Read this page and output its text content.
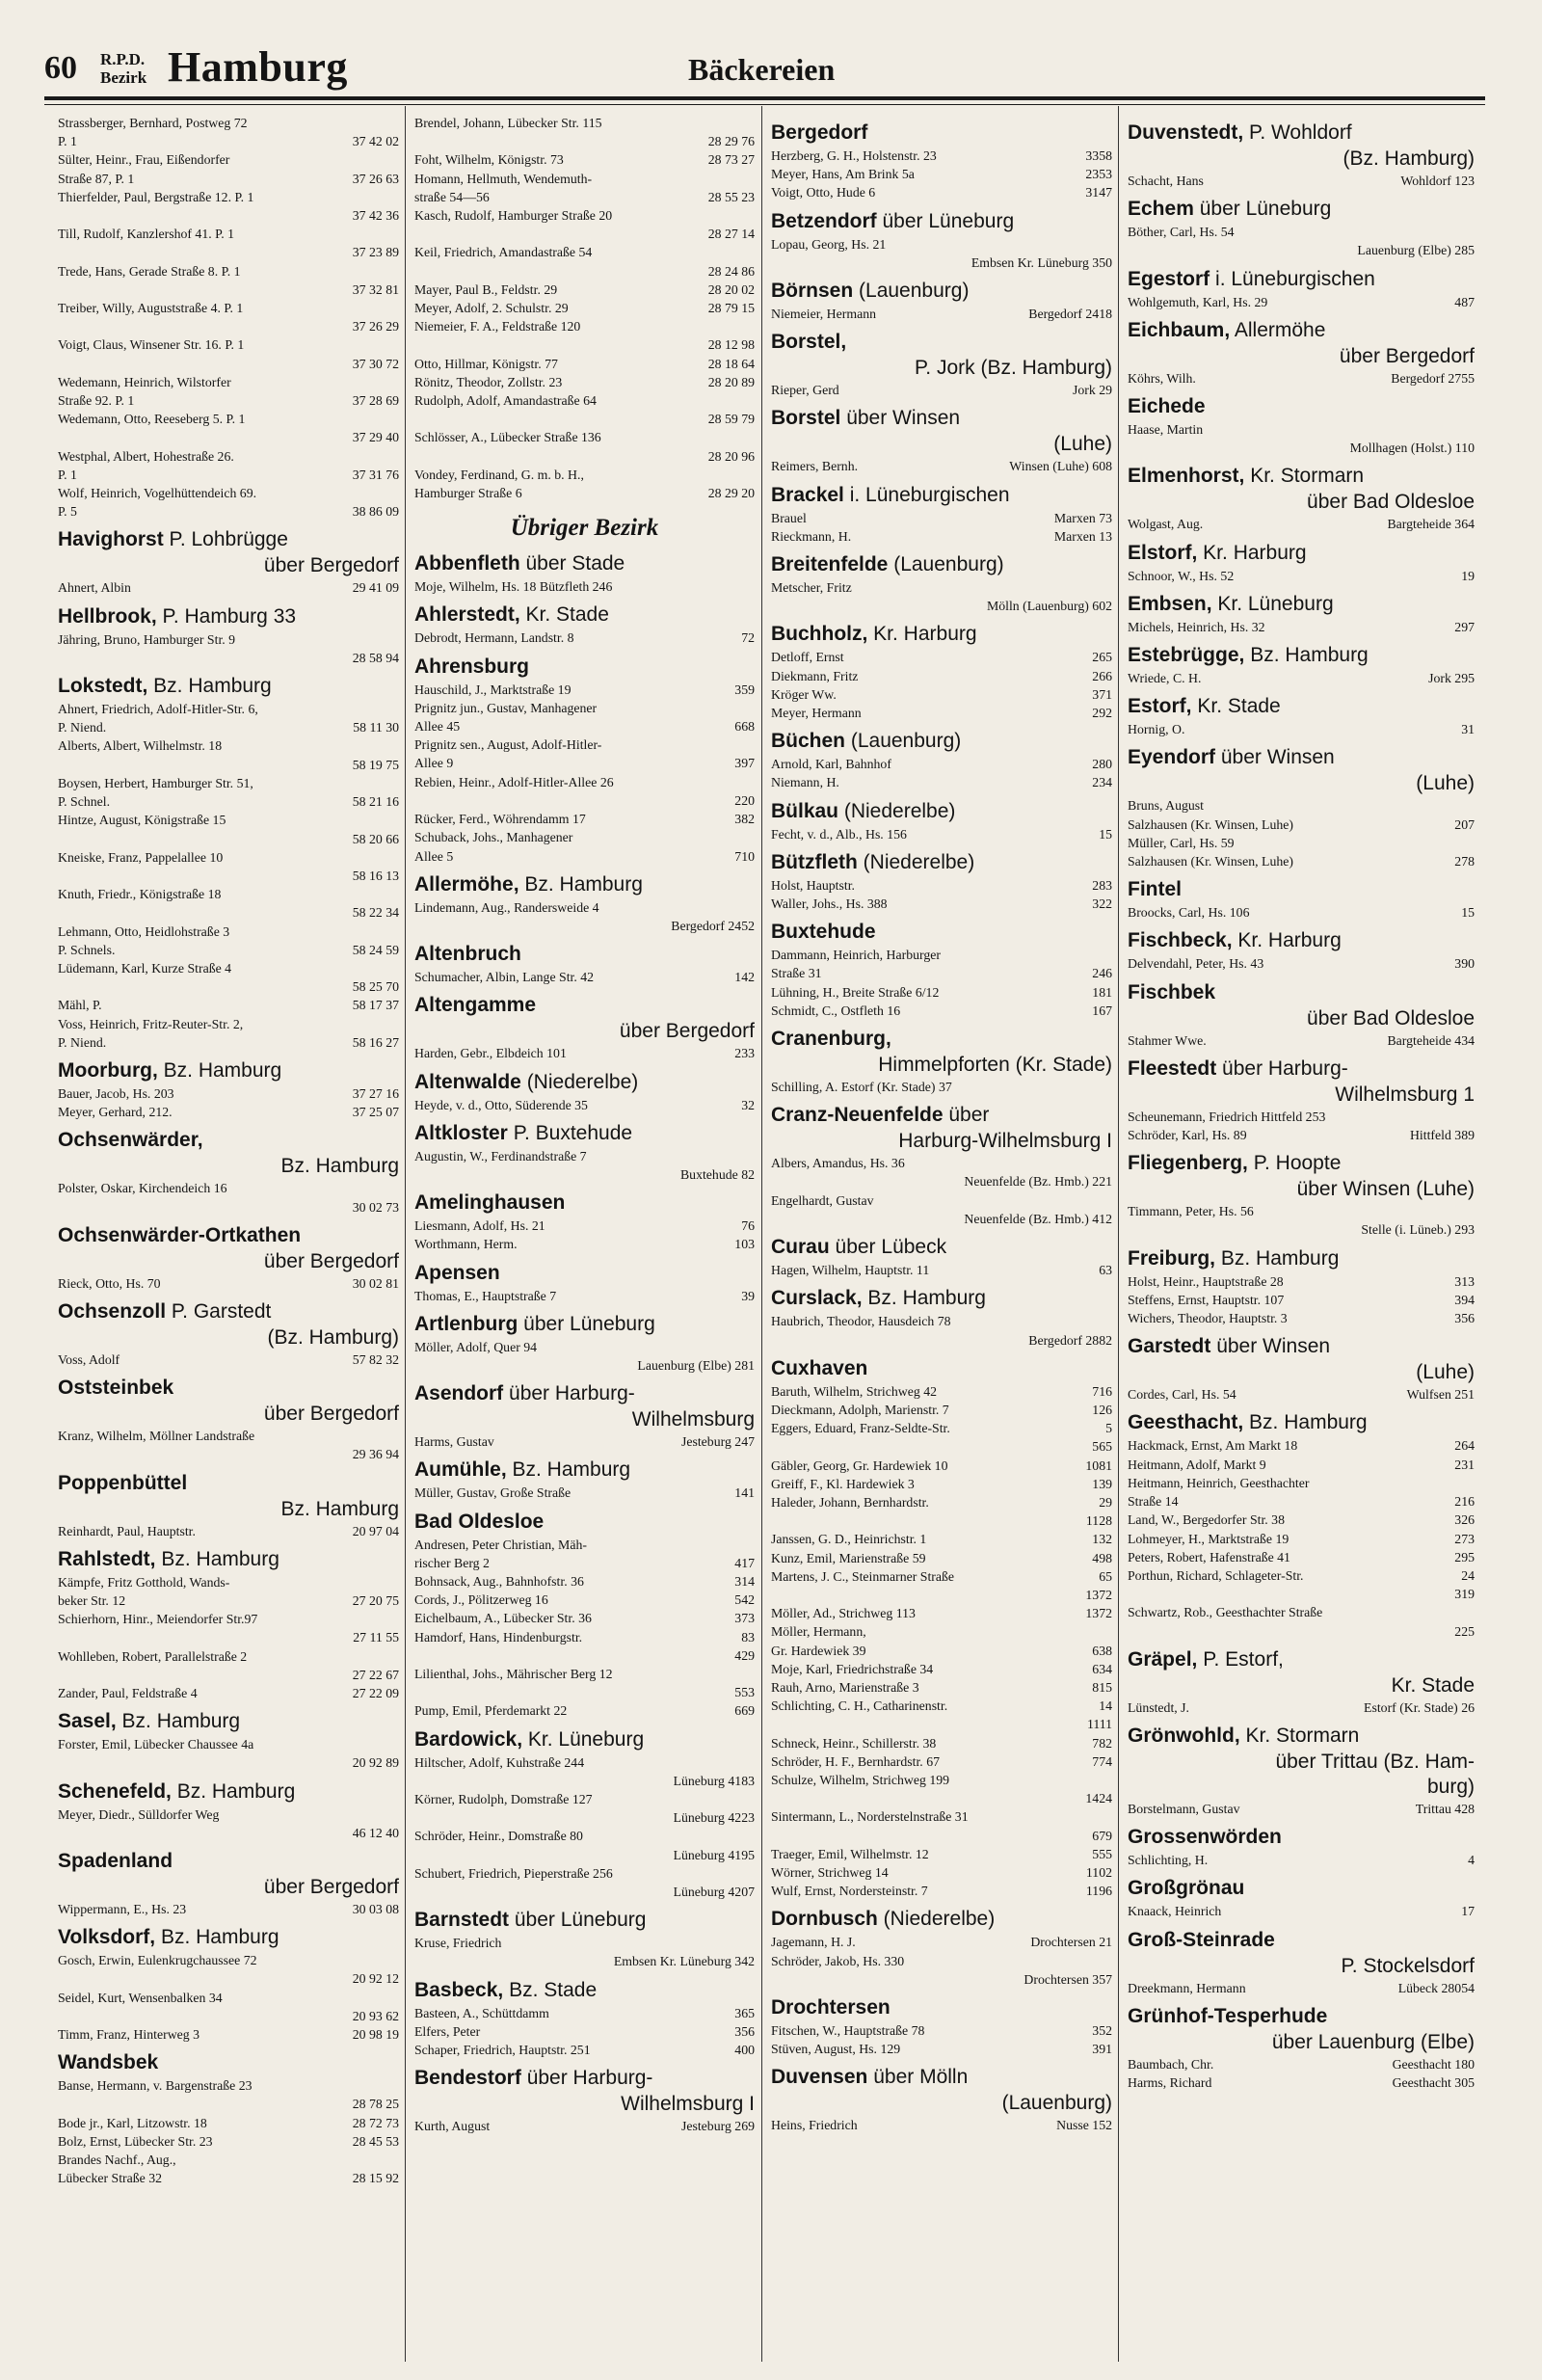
60 R.P.D.
Bezirk Hamburg	Bäckereien
Strassberger, Bernhard, Postweg 72
P. 1	37 42 02
Sülter, Heinr., Frau, Eißendorfer
Straße 87, P. 1	37 26 63
Thierfelder, Paul, Bergstraße 12. P. 1
37 42 36
Till, Rudolf, Kanzlershof 41. P. 1
37 23 89
Trede, Hans, Gerade Straße 8. P. 1
37 32 81
Treiber, Willy, Auguststraße 4. P. 1
37 26 29
Voigt, Claus, Winsener Str. 16. P. 1
37 30 72
Wedemann, Heinrich, Wilstorfer
Straße 92. P. 1	37 28 69
Wedemann, Otto, Reeseberg 5. P. 1
37 29 40
Westphal, Albert, Hohestraße 26.
P. 1	37 31 76
Wolf, Heinrich, Vogelhüttendeich 69.
P. 5	38 86 09
Havighorst P. Lohbrügge
über Bergedorf
Ahnert, Albin	29 41 09
Hellbrook, P. Hamburg 33
Jähring, Bruno, Hamburger Str. 9
28 58 94
Lokstedt, Bz. Hamburg
Ahnert, Friedrich, Adolf-Hitler-Str. 6,
P. Niend.	58 11 30
Alberts, Albert, Wilhelmstr. 18
58 19 75
Boysen, Herbert, Hamburger Str. 51,
P. Schnel.	58 21 16
Hintze, August, Königstraße 15
58 20 66
Kneiske, Franz, Pappelallee 10
58 16 13
Knuth, Friedr., Königstraße 18
58 22 34
Lehmann, Otto, Heidlohstraße 3
P. Schnels.	58 24 59
Lüdemann, Karl, Kurze Straße 4
58 25 70
Mähl, P.	58 17 37
Voss, Heinrich, Fritz-Reuter-Str. 2,
P. Niend.	58 16 27
Moorburg, Bz. Hamburg
Bauer, Jacob, Hs. 203	37 27 16
Meyer, Gerhard, 212.	37 25 07
Ochsenwärder,
Bz. Hamburg
Polster, Oskar, Kirchendeich 16
30 02 73
Ochsenwärder-Ortkathen
über Bergedorf
Rieck, Otto, Hs. 70	30 02 81
Ochsenzoll P. Garstedt
(Bz. Hamburg)
Voss, Adolf	57 82 32
Oststeinbek
über Bergedorf
Kranz, Wilhelm, Möllner Landstraße
29 36 94
Poppenbüttel
Bz. Hamburg
Reinhardt, Paul, Hauptstr.	20 97 04
Rahlstedt, Bz. Hamburg
Kämpfe, Fritz Gotthold, Wands-
beker Str. 12	27 20 75
Schierhorn, Hinr., Meiendorfer Str.97
27 11 55
Wohlleben, Robert, Parallelstraße 2
27 22 67
Zander, Paul, Feldstraße 4	27 22 09
Sasel, Bz. Hamburg
Forster, Emil, Lübecker Chaussee 4a
20 92 89
Schenefeld, Bz. Hamburg
Meyer, Diedr., Sülldorfer Weg
46 12 40
Spadenland
über Bergedorf
Wippermann, E., Hs. 23	30 03 08
Volksdorf, Bz. Hamburg
Gosch, Erwin, Eulenkrugchaussee 72
20 92 12
Seidel, Kurt, Wensenbalken 34
20 93 62
Timm, Franz, Hinterweg 3	20 98 19
Wandsbek
Banse, Hermann, v. Bargenstraße 23
28 78 25
Bode jr., Karl, Litzowstr. 18	28 72 73
Bolz, Ernst, Lübecker Str. 23	28 45 53
Brandes Nachf., Aug.,
Lübecker Straße 32	28 15 92
Brendel, Johann, Lübecker Str. 115
28 29 76
Foht, Wilhelm, Königstr. 73	28 73 27
Homann, Hellmuth, Wendemuth-
straße 54—56	28 55 23
Kasch, Rudolf, Hamburger Straße 20
28 27 14
Keil, Friedrich, Amandastraße 54
28 24 86
Mayer, Paul B., Feldstr. 29	28 20 02
Meyer, Adolf, 2. Schulstr. 29	28 79 15
Niemeier, F. A., Feldstraße 120
28 12 98
Otto, Hillmar, Königstr. 77	28 18 64
Rönitz, Theodor, Zollstr. 23	28 20 89
Rudolph, Adolf, Amandastraße 64
28 59 79
Schlösser, A., Lübecker Straße 136
28 20 96
Vondey, Ferdinand, G. m. b. H.,
Hamburger Straße 6	28 29 20
Übriger Bezirk
Abbenfleth über Stade
Moje, Wilhelm, Hs. 18 Bützfleth 246
Ahlerstedt, Kr. Stade
Debrodt, Hermann, Landstr. 8	72
Ahrensburg
Hauschild, J., Marktstraße 19	359
Prignitz jun., Gustav, Manhagener
Allee 45	668
Prignitz sen., August, Adolf-Hitler-
Allee 9	397
Rebien, Heinr., Adolf-Hitler-Allee 26
220
Rücker, Ferd., Wöhrendamm 17	382
Schuback, Johs., Manhagener
Allee 5	710
Allermöhe, Bz. Hamburg
Lindemann, Aug., Randersweide 4
Bergedorf 2452
Altenbruch
Schumacher, Albin, Lange Str. 42	142
Altengamme
über Bergedorf
Harden, Gebr., Elbdeich 101	233
Altenwalde (Niederelbe)
Heyde, v. d., Otto, Süderende 35	32
Altkloster P. Buxtehude
Augustin, W., Ferdinandstraße 7
Buxtehude 82
Amelinghausen
Liesmann, Adolf, Hs. 21	76
Worthmann, Herm.	103
Apensen
Thomas, E., Hauptstraße 7	39
Artlenburg über Lüneburg
Möller, Adolf, Quer 94
Lauenburg (Elbe) 281
Asendorf über Harburg-
Wilhelmsburg
Harms, Gustav	Jesteburg 247
Aumühle, Bz. Hamburg
Müller, Gustav, Große Straße	141
Bad Oldesloe
Andresen, Peter Christian, Mäh-
rischer Berg 2	417
Bohnsack, Aug., Bahnhofstr. 36	314
Cords, J., Pölitzerweg 16	542
Eichelbaum, A., Lübecker Str. 36	373
Hamdorf, Hans, Hindenburgstr.	83
429
Lilienthal, Johs., Mährischer Berg 12
553
Pump, Emil, Pferdemarkt 22	669
Bardowick, Kr. Lüneburg
Hiltscher, Adolf, Kuhstraße 244
Lüneburg 4183
Körner, Rudolph, Domstraße 127
Lüneburg 4223
Schröder, Heinr., Domstraße 80
Lüneburg 4195
Schubert, Friedrich, Pieperstraße 256
Lüneburg 4207
Barnstedt über Lüneburg
Kruse, Friedrich
Embsen Kr. Lüneburg 342
Basbeck, Bz. Stade
Basteen, A., Schüttdamm	365
Elfers, Peter	356
Schaper, Friedrich, Hauptstr. 251	400
Bendestorf über Harburg-
Wilhelmsburg I
Kurth, August	Jesteburg 269
Bergedorf
Herzberg, G. H., Holstenstr. 23	3358
Meyer, Hans, Am Brink 5a	2353
Voigt, Otto, Hude 6	3147
Betzendorf über Lüneburg
Lopau, Georg, Hs. 21
Embsen Kr. Lüneburg 350
Börnsen (Lauenburg)
Niemeier, Hermann	Bergedorf 2418
Borstel,
P. Jork (Bz. Hamburg)
Rieper, Gerd	Jork 29
Borstel über Winsen
(Luhe)
Reimers, Bernh.	Winsen (Luhe) 608
Brackel i. Lüneburgischen
Brauel	Marxen 73
Rieckmann, H.	Marxen 13
Breitenfelde (Lauenburg)
Metscher, Fritz
Mölln (Lauenburg) 602
Buchholz, Kr. Harburg
Detloff, Ernst	265
Diekmann, Fritz	266
Kröger Ww.	371
Meyer, Hermann	292
Büchen (Lauenburg)
Arnold, Karl, Bahnhof	280
Niemann, H.	234
Bülkau (Niederelbe)
Fecht, v. d., Alb., Hs. 156	15
Bützfleth (Niederelbe)
Holst, Hauptstr.	283
Waller, Johs., Hs. 388	322
Buxtehude
Dammann, Heinrich, Harburger
Straße 31	246
Lühning, H., Breite Straße 6/12	181
Schmidt, C., Ostfleth 16	167
Cranenburg,
Himmelpforten (Kr. Stade)
Schilling, A. Estorf (Kr. Stade) 37
Cranz-Neuenfelde über
Harburg-Wilhelmsburg I
Albers, Amandus, Hs. 36
Neuenfelde (Bz. Hmb.) 221
Engelhardt, Gustav
Neuenfelde (Bz. Hmb.) 412
Curau über Lübeck
Hagen, Wilhelm, Hauptstr. 11	63
Curslack, Bz. Hamburg
Haubrich, Theodor, Hausdeich 78
Bergedorf 2882
Cuxhaven
Baruth, Wilhelm, Strichweg 42	716
Dieckmann, Adolph, Marienstr. 7	126
Eggers, Eduard, Franz-Seldte-Str.	5
565
Gäbler, Georg, Gr. Hardewiek 10	1081
Greiff, F., Kl. Hardewiek 3	139
Haleder, Johann, Bernhardstr.	29
1128
Janssen, G. D., Heinrichstr. 1	132
Kunz, Emil, Marienstraße 59	498
Martens, J. C., Steinmarner Straße	65
1372
Möller, Ad., Strichweg 113	1372
Möller, Hermann,
Gr. Hardewiek 39	638
Moje, Karl, Friedrichstraße 34	634
Rauh, Arno, Marienstraße 3	815
Schlichting, C. H., Catharinenstr.	14
1111
Schneck, Heinr., Schillerstr. 38	782
Schröder, H. F., Bernhardstr. 67	774
Schulze, Wilhelm, Strichweg 199
1424
Sintermann, L., Norderstelnstraße 31
679
Traeger, Emil, Wilhelmstr. 12	555
Wörner, Strichweg 14	1102
Wulf, Ernst, Nordersteinstr. 7	1196
Dornbusch (Niederelbe)
Jagemann, H. J.	Drochtersen 21
Schröder, Jakob, Hs. 330
Drochtersen 357
Drochtersen
Fitschen, W., Hauptstraße 78	352
Stüven, August, Hs. 129	391
Duvensen über Mölln
(Lauenburg)
Heins, Friedrich	Nusse 152
Duvenstedt, P. Wohldorf
(Bz. Hamburg)
Schacht, Hans	Wohldorf 123
Echem über Lüneburg
Böther, Carl, Hs. 54
Lauenburg (Elbe) 285
Egestorf i. Lüneburgischen
Wohlgemuth, Karl, Hs. 29	487
Eichbaum, Allermöhe
über Bergedorf
Köhrs, Wilh.	Bergedorf 2755
Eichede
Haase, Martin
Mollhagen (Holst.) 110
Elmenhorst, Kr. Stormarn
über Bad Oldesloe
Wolgast, Aug.	Bargteheide 364
Elstorf, Kr. Harburg
Schnoor, W., Hs. 52	19
Embsen, Kr. Lüneburg
Michels, Heinrich, Hs. 32	297
Estebrügge, Bz. Hamburg
Wriede, C. H.	Jork 295
Estorf, Kr. Stade
Hornig, O.	31
Eyendorf über Winsen
(Luhe)
Bruns, August
Salzhausen (Kr. Winsen, Luhe)	207
Müller, Carl, Hs. 59
Salzhausen (Kr. Winsen, Luhe)	278
Fintel
Broocks, Carl, Hs. 106	15
Fischbeck, Kr. Harburg
Delvendahl, Peter, Hs. 43	390
Fischbek
über Bad Oldesloe
Stahmer Wwe.	Bargteheide 434
Fleestedt über Harburg-
Wilhelmsburg 1
Scheunemann, Friedrich Hittfeld 253
Schröder, Karl, Hs. 89	Hittfeld 389
Fliegenberg, P. Hoopte
über Winsen (Luhe)
Timmann, Peter, Hs. 56
Stelle (i. Lüneb.) 293
Freiburg, Bz. Hamburg
Holst, Heinr., Hauptstraße 28	313
Steffens, Ernst, Hauptstr. 107	394
Wichers, Theodor, Hauptstr. 3	356
Garstedt über Winsen
(Luhe)
Cordes, Carl, Hs. 54	Wulfsen 251
Geesthacht, Bz. Hamburg
Hackmack, Ernst, Am Markt 18	264
Heitmann, Adolf, Markt 9	231
Heitmann, Heinrich, Geesthachter
Straße 14	216
Land, W., Bergedorfer Str. 38	326
Lohmeyer, H., Marktstraße 19	273
Peters, Robert, Hafenstraße 41	295
Porthun, Richard, Schlageter-Str.	24
319
Schwartz, Rob., Geesthachter Straße
225
Gräpel, P. Estorf,
Kr. Stade
Lünstedt, J.	Estorf (Kr. Stade) 26
Grönwohld, Kr. Stormarn
über Trittau (Bz. Ham-
burg)
Borstelmann, Gustav	Trittau 428
Grossenwörden
Schlichting, H.	4
Großgrönau
Knaack, Heinrich	17
Groß-Steinrade
P. Stockelsdorf
Dreekmann, Hermann	Lübeck 28054
Grünhof-Tesperhude
über Lauenburg (Elbe)
Baumbach, Chr.	Geesthacht 180
Harms, Richard	Geesthacht 305
